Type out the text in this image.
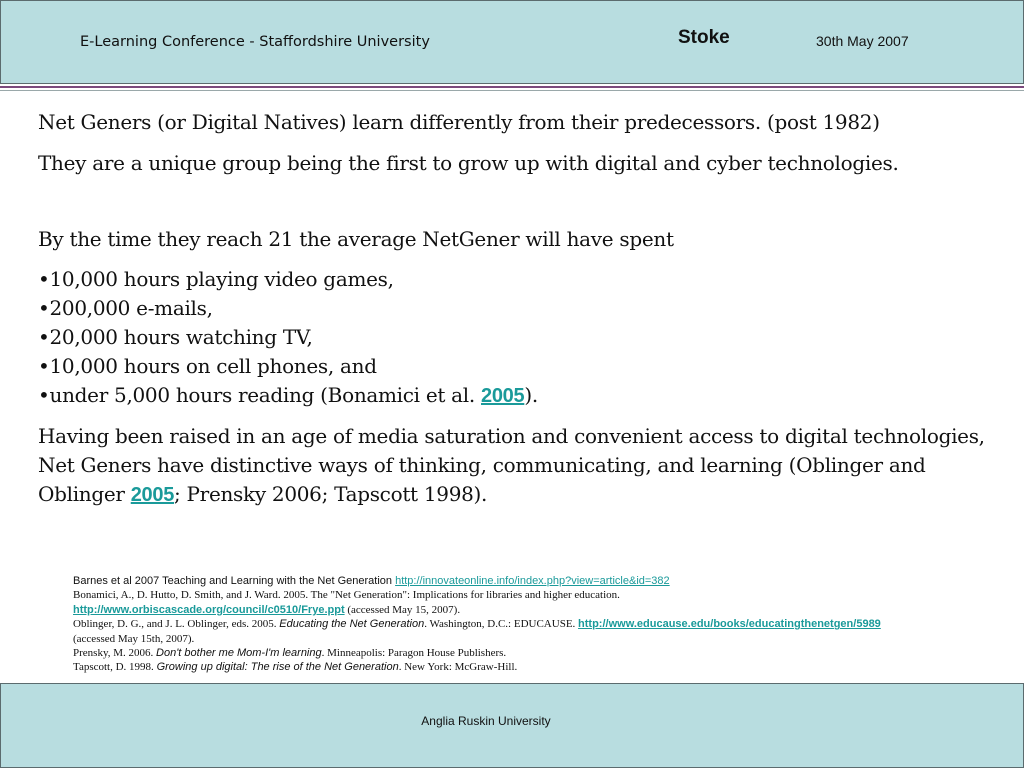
E-Learning Conference - Staffordshire University	Stoke	30th May 2007

Net Geners (or Digital Natives) learn differently from their predecessors. (post 1982)

They are a unique group being the first to grow up with digital and cyber technologies.

By the time they reach 21 the average NetGener will have spent

•10,000 hours playing video games,

•200,000 e-mails,

•20,000 hours watching TV,

•10,000 hours on cell phones, and

•under 5,000 hours reading (Bonamici et al. 2005).

Having been raised in an age of media saturation and convenient access to digital technologies, Net Geners have distinctive ways of thinking, communicating, and learning (Oblinger and Oblinger 2005; Prensky 2006; Tapscott 1998).

Barnes et al 2007 Teaching and Learning with the Net Generation http://innovateonline.info/index.php?view=article&id=382
Bonamici, A., D. Hutto, D. Smith, and J. Ward. 2005. The "Net Generation": Implications for libraries and higher education.
http://www.orbiscascade.org/council/c0510/Frye.ppt (accessed May 15, 2007).
Oblinger, D. G., and J. L. Oblinger, eds. 2005. Educating the Net Generation. Washington, D.C.: EDUCAUSE. http://www.educause.edu/books/educatingthenetgen/5989
(accessed May 15th, 2007).
Prensky, M. 2006. Don't bother me Mom-I'm learning. Minneapolis: Paragon House Publishers.
Tapscott, D. 1998. Growing up digital: The rise of the Net Generation. New York: McGraw-Hill.
Anglia Ruskin University
